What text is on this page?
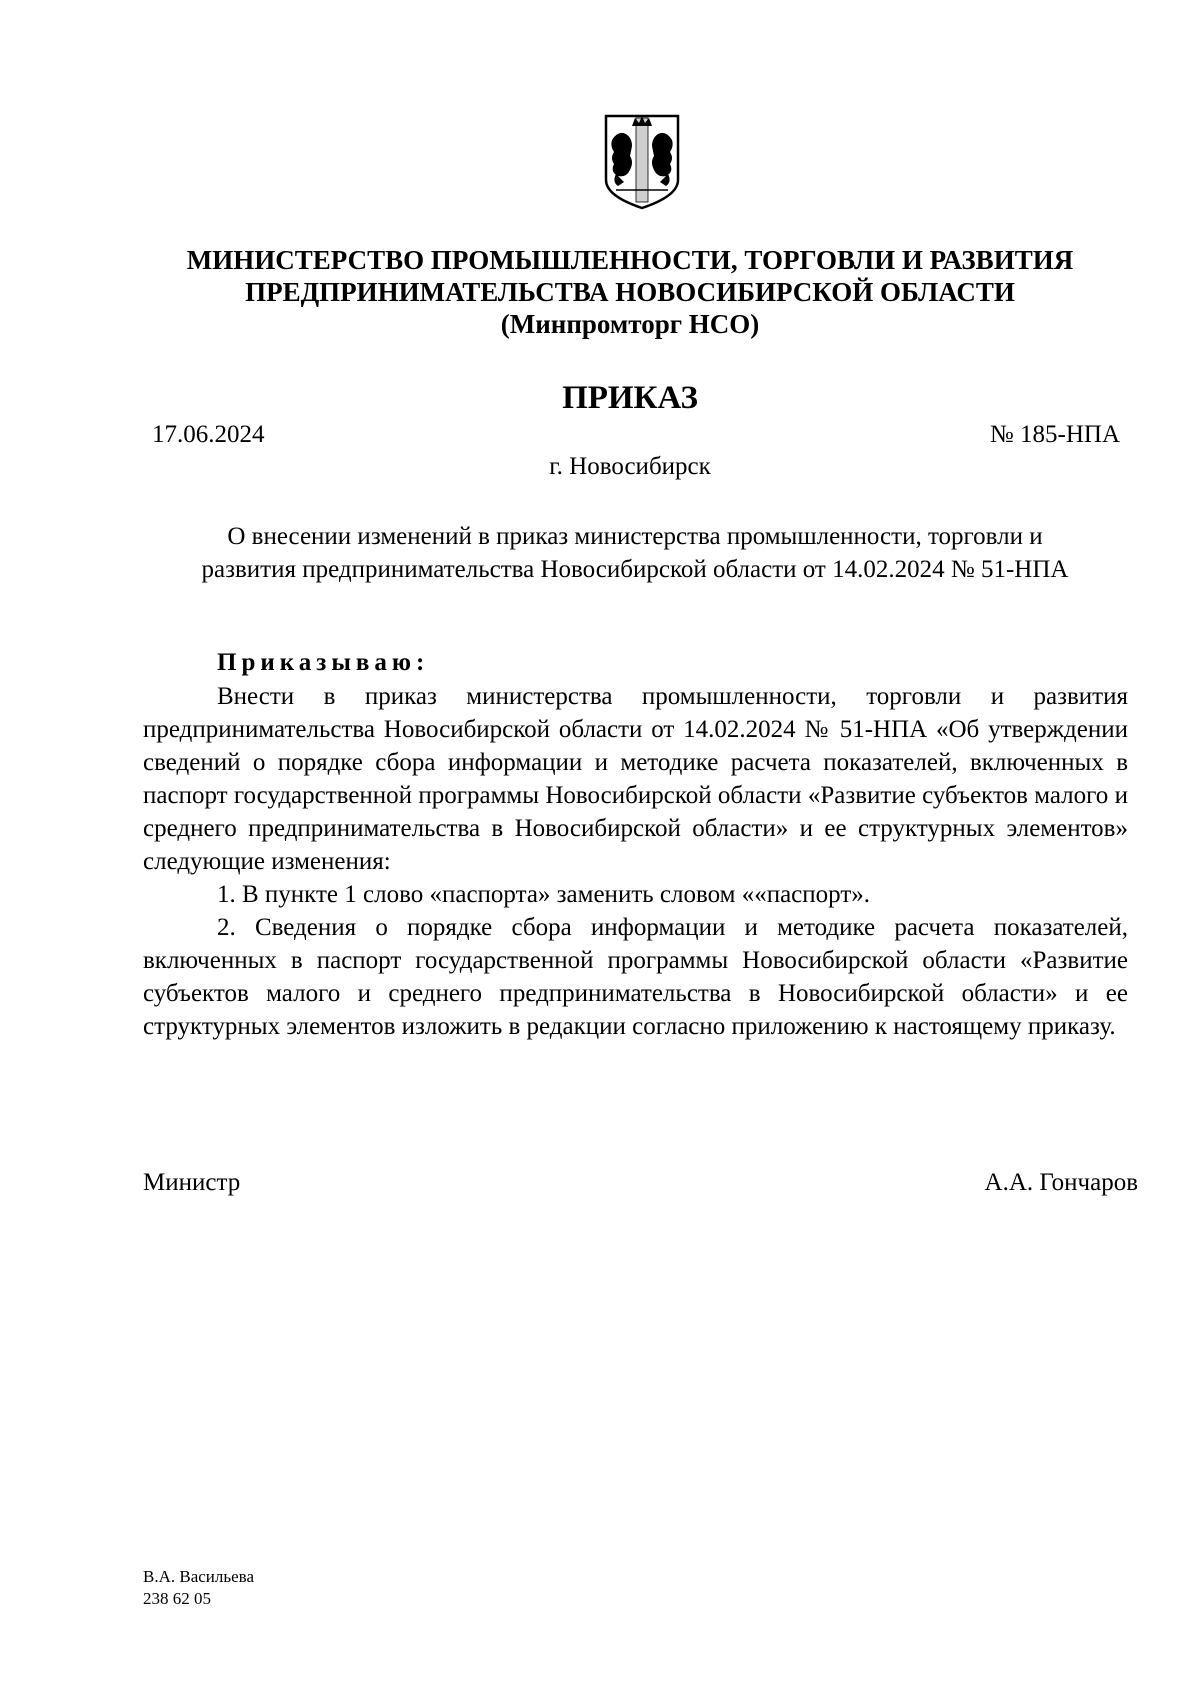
МИНИСТЕРСТВО ПРОМЫШЛЕННОСТИ, ТОРГОВЛИ И РАЗВИТИЯ
ПРЕДПРИНИМАТЕЛЬСТВА НОВОСИБИРСКОЙ ОБЛАСТИ
(Минпромторг НСО)
ПРИКАЗ
17.06.2024	№ 185-НПА
г. Новосибирск
О внесении изменений в приказ министерства промышленности, торговли и
развития предпринимательства Новосибирской области от 14.02.2024 № 51-НПА
Приказываю:

Внести в приказ министерства промышленности, торговли и развития предпринимательства Новосибирской области от 14.02.2024 № 51-НПА «Об утверждении сведений о порядке сбора информации и методике расчета показателей, включенных в паспорт государственной программы Новосибирской области «Развитие субъектов малого и среднего предпринимательства в Новосибирской области» и ее структурных элементов» следующие изменения:

1. В пункте 1 слово «паспорта» заменить словом ««паспорт».

2. Сведения о порядке сбора информации и методике расчета показателей, включенных в паспорт государственной программы Новосибирской области «Развитие субъектов малого и среднего предпринимательства в Новосибирской области» и ее структурных элементов изложить в редакции согласно приложению к настоящему приказу.

Министр	А.А. Гончаров
В.А. Васильева
238 62 05
